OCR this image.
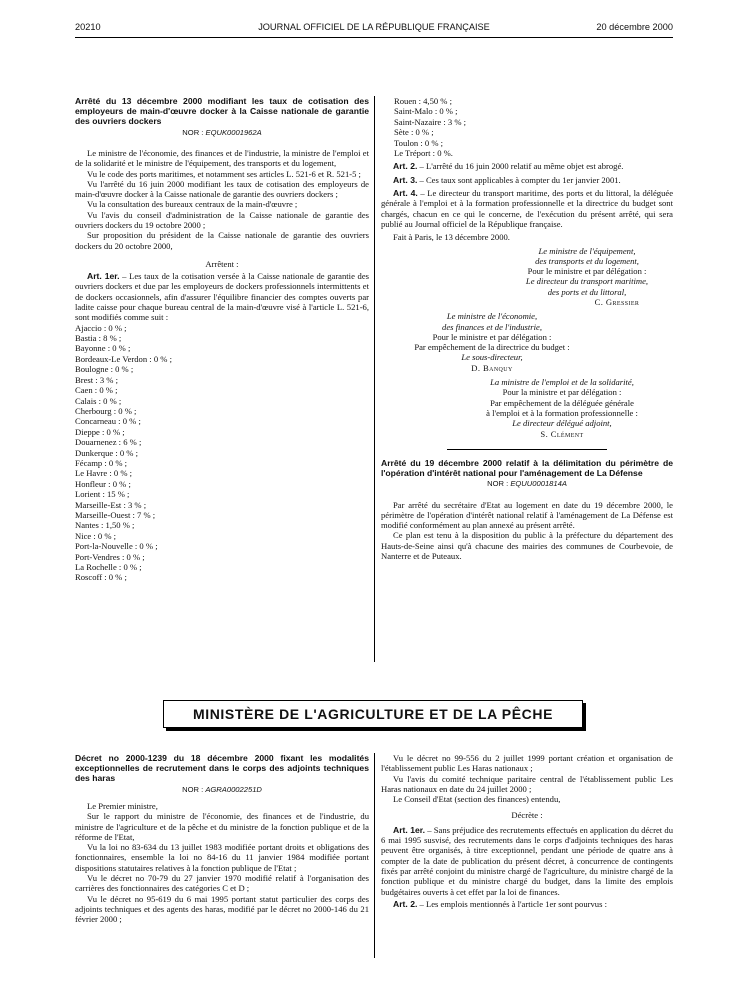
20210	JOURNAL OFFICIEL DE LA RÉPUBLIQUE FRANÇAISE	20 décembre 2000

Arrêté du 13 décembre 2000 modifiant les taux de cotisation des employeurs de main-d'œuvre docker à la Caisse nationale de garantie des ouvriers dockers

NOR : EQUK0001962A

Le ministre de l'économie, des finances et de l'industrie, la ministre de l'emploi et de la solidarité et le ministre de l'équipement, des transports et du logement,

Vu le code des ports maritimes, et notamment ses articles L. 521-6 et R. 521-5 ;

Vu l'arrêté du 16 juin 2000 modifiant les taux de cotisation des employeurs de main-d'œuvre docker à la Caisse nationale de garantie des ouvriers dockers ;

Vu la consultation des bureaux centraux de la main-d'œuvre ;

Vu l'avis du conseil d'administration de la Caisse nationale de garantie des ouvriers dockers du 19 octobre 2000 ;

Sur proposition du président de la Caisse nationale de garantie des ouvriers dockers du 20 octobre 2000,

Arrêtent :

Art. 1er. – Les taux de la cotisation versée à la Caisse nationale de garantie des ouvriers dockers et due par les employeurs de dockers professionnels intermittents et de dockers occasionnels, afin d'assurer l'équilibre financier des comptes ouverts par ladite caisse pour chaque bureau central de la main-d'œuvre visé à l'article L. 521-6, sont modifiés comme suit :

Ajaccio : 0 % ;

Bastia : 8 % ;

Bayonne : 0 % ;

Bordeaux-Le Verdon : 0 % ;

Boulogne : 0 % ;

Brest : 3 % ;

Caen : 0 % ;

Calais : 0 % ;

Cherbourg : 0 % ;

Concarneau : 0 % ;

Dieppe : 0 % ;

Douarnenez : 6 % ;

Dunkerque : 0 % ;

Fécamp : 0 % ;

Le Havre : 0 % ;

Honfleur : 0 % ;

Lorient : 15 % ;

Marseille-Est : 3 % ;

Marseille-Ouest : 7 % ;

Nantes : 1,50 % ;

Nice : 0 % ;

Port-la-Nouvelle : 0 % ;

Port-Vendres : 0 % ;

La Rochelle : 0 % ;

Roscoff : 0 % ;

Rouen : 4,50 % ;

Saint-Malo : 0 % ;

Saint-Nazaire : 3 % ;

Sète : 0 % ;

Toulon : 0 % ;

Le Tréport : 0 %.

Art. 2. – L'arrêté du 16 juin 2000 relatif au même objet est abrogé.

Art. 3. – Ces taux sont applicables à compter du 1er janvier 2001.

Art. 4. – Le directeur du transport maritime, des ports et du littoral, la déléguée générale à l'emploi et à la formation professionnelle et la directrice du budget sont chargés, chacun en ce qui le concerne, de l'exécution du présent arrêté, qui sera publié au Journal officiel de la République française.

Fait à Paris, le 13 décembre 2000.

Le ministre de l'équipement,

des transports et du logement,

Pour le ministre et par délégation :

Le directeur du transport maritime,

des ports et du littoral,

C. Gressier

Le ministre de l'économie,

des finances et de l'industrie,

Pour le ministre et par délégation :

Par empêchement de la directrice du budget :

Le sous-directeur,

D. Banquy

La ministre de l'emploi et de la solidarité,

Pour la ministre et par délégation :

Par empêchement de la déléguée générale

à l'emploi et à la formation professionnelle :

Le directeur délégué adjoint,

S. Clément

Arrêté du 19 décembre 2000 relatif à la délimitation du périmètre de l'opération d'intérêt national pour l'aménagement de La Défense

NOR : EQUU0001814A

Par arrêté du secrétaire d'Etat au logement en date du 19 décembre 2000, le périmètre de l'opération d'intérêt national relatif à l'aménagement de La Défense est modifié conformément au plan annexé au présent arrêté.

Ce plan est tenu à la disposition du public à la préfecture du département des Hauts-de-Seine ainsi qu'à chacune des mairies des communes de Courbevoie, de Nanterre et de Puteaux.

MINISTÈRE DE L'AGRICULTURE ET DE LA PÊCHE

Décret no 2000-1239 du 18 décembre 2000 fixant les modalités exceptionnelles de recrutement dans le corps des adjoints techniques des haras

NOR : AGRA0002251D

Le Premier ministre,

Sur le rapport du ministre de l'économie, des finances et de l'industrie, du ministre de l'agriculture et de la pêche et du ministre de la fonction publique et de la réforme de l'Etat,

Vu la loi no 83-634 du 13 juillet 1983 modifiée portant droits et obligations des fonctionnaires, ensemble la loi no 84-16 du 11 janvier 1984 modifiée portant dispositions statutaires relatives à la fonction publique de l'Etat ;

Vu le décret no 70-79 du 27 janvier 1970 modifié relatif à l'organisation des carrières des fonctionnaires des catégories C et D ;

Vu le décret no 95-619 du 6 mai 1995 portant statut particulier des corps des adjoints techniques et des agents des haras, modifié par le décret no 2000-146 du 21 février 2000 ;

Vu le décret no 99-556 du 2 juillet 1999 portant création et organisation de l'établissement public Les Haras nationaux ;

Vu l'avis du comité technique paritaire central de l'établissement public Les Haras nationaux en date du 24 juillet 2000 ;

Le Conseil d'Etat (section des finances) entendu,

Décrète :

Art. 1er. – Sans préjudice des recrutements effectués en application du décret du 6 mai 1995 susvisé, des recrutements dans le corps d'adjoints techniques des haras peuvent être organisés, à titre exceptionnel, pendant une période de quatre ans à compter de la date de publication du présent décret, à concurrence de contingents fixés par arrêté conjoint du ministre chargé de l'agriculture, du ministre chargé de la fonction publique et du ministre chargé du budget, dans la limite des emplois budgétaires ouverts à cet effet par la loi de finances.

Art. 2. – Les emplois mentionnés à l'article 1er sont pourvus :
